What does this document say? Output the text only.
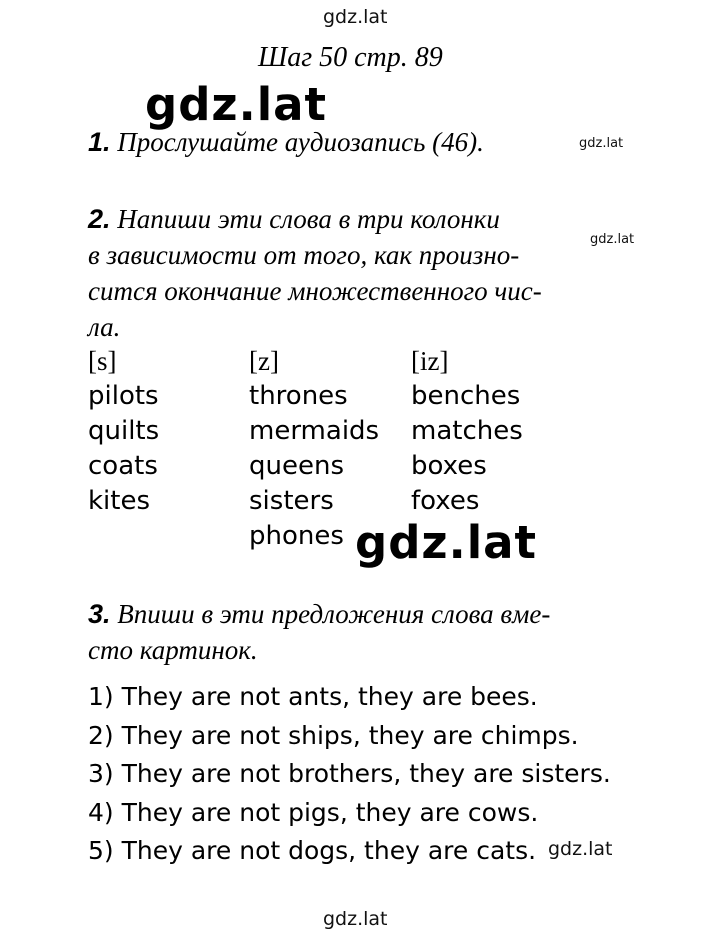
gdz.lat
gdz.lat
gdz.lat
gdz.lat
gdz.lat
gdz.lat
gdz.lat
Шаг 50 стр. 89
1. Прослушайте аудиозапись (46).
2. Напиши эти слова в три колонки
в зависимости от того, как произно-
сится окончание множественного чис-
ла.
[s]
pilots
quilts
coats
kites
[z]
thrones
mermaids
queens
sisters
phones
[iz]
benches
matches
boxes
foxes
3. Впиши в эти предложения слова вме-
сто картинок.
1) They are not ants, they are bees.
2) They are not ships, they are chimps.
3) They are not brothers, they are sisters.
4) They are not pigs, they are cows.
5) They are not dogs, they are cats.
